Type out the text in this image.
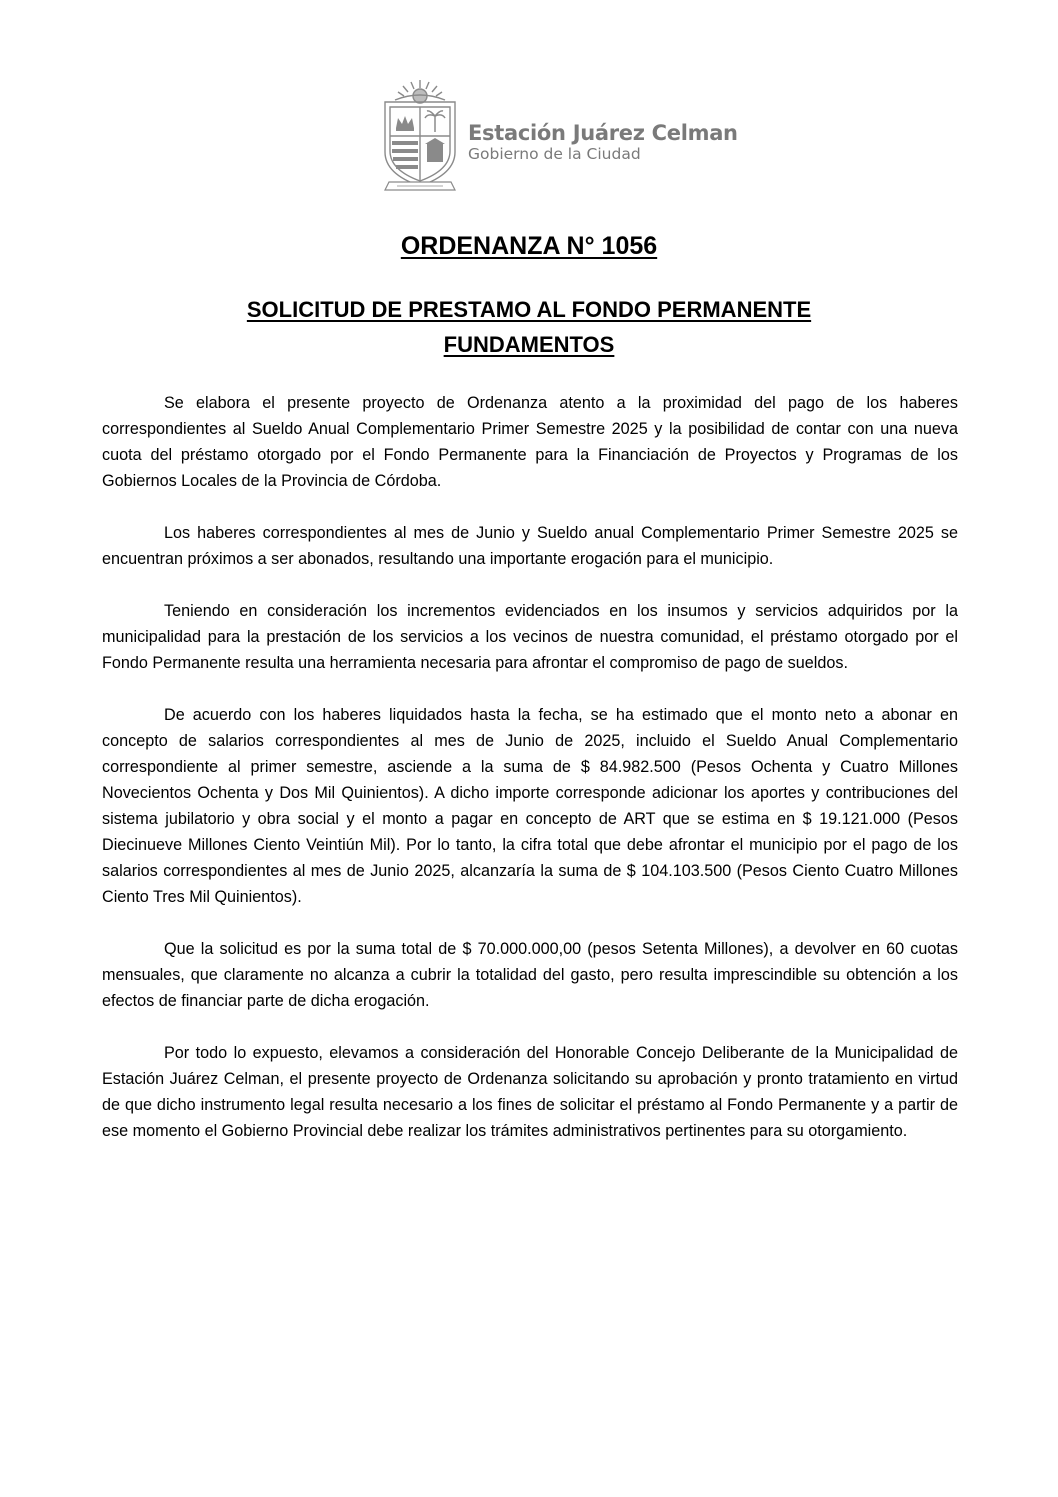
Estación Juárez Celman
Gobierno de la Ciudad
ORDENANZA N° 1056
SOLICITUD DE PRESTAMO AL FONDO PERMANENTE
FUNDAMENTOS

Se elabora el presente proyecto de Ordenanza atento a la proximidad del pago de los haberes correspondientes al Sueldo Anual Complementario Primer Semestre 2025 y la posibilidad de contar con una nueva cuota del préstamo otorgado por el Fondo Permanente para la Financiación de Proyectos y Programas de los Gobiernos Locales de la Provincia de Córdoba.

Los haberes correspondientes al mes de Junio y Sueldo anual Complementario Primer Semestre 2025 se encuentran próximos a ser abonados, resultando una importante erogación para el municipio.

Teniendo en consideración los incrementos evidenciados en los insumos y servicios adquiridos por la municipalidad para la prestación de los servicios a los vecinos de nuestra comunidad, el préstamo otorgado por el Fondo Permanente resulta una herramienta necesaria para afrontar el compromiso de pago de sueldos.

De acuerdo con los haberes liquidados hasta la fecha, se ha estimado que el monto neto a abonar en concepto de salarios correspondientes al mes de Junio de 2025, incluido el Sueldo Anual Complementario correspondiente al primer semestre, asciende a la suma de $ 84.982.500 (Pesos Ochenta y Cuatro Millones Novecientos Ochenta y Dos Mil Quinientos). A dicho importe corresponde adicionar los aportes y contribuciones del sistema jubilatorio y obra social y el monto a pagar en concepto de ART que se estima en $ 19.121.000 (Pesos Diecinueve Millones Ciento Veintiún Mil). Por lo tanto, la cifra total que debe afrontar el municipio por el pago de los salarios correspondientes al mes de Junio 2025, alcanzaría la suma de $ 104.103.500 (Pesos Ciento Cuatro Millones Ciento Tres Mil Quinientos).

Que la solicitud es por la suma total de $ 70.000.000,00 (pesos Setenta Millones), a devolver en 60 cuotas mensuales, que claramente no alcanza a cubrir la totalidad del gasto, pero resulta imprescindible su obtención a los efectos de financiar parte de dicha erogación.

Por todo lo expuesto, elevamos a consideración del Honorable Concejo Deliberante de la Municipalidad de Estación Juárez Celman, el presente proyecto de Ordenanza solicitando su aprobación y pronto tratamiento en virtud de que dicho instrumento legal resulta necesario a los fines de solicitar el préstamo al Fondo Permanente y a partir de ese momento el Gobierno Provincial debe realizar los trámites administrativos pertinentes para su otorgamiento.
